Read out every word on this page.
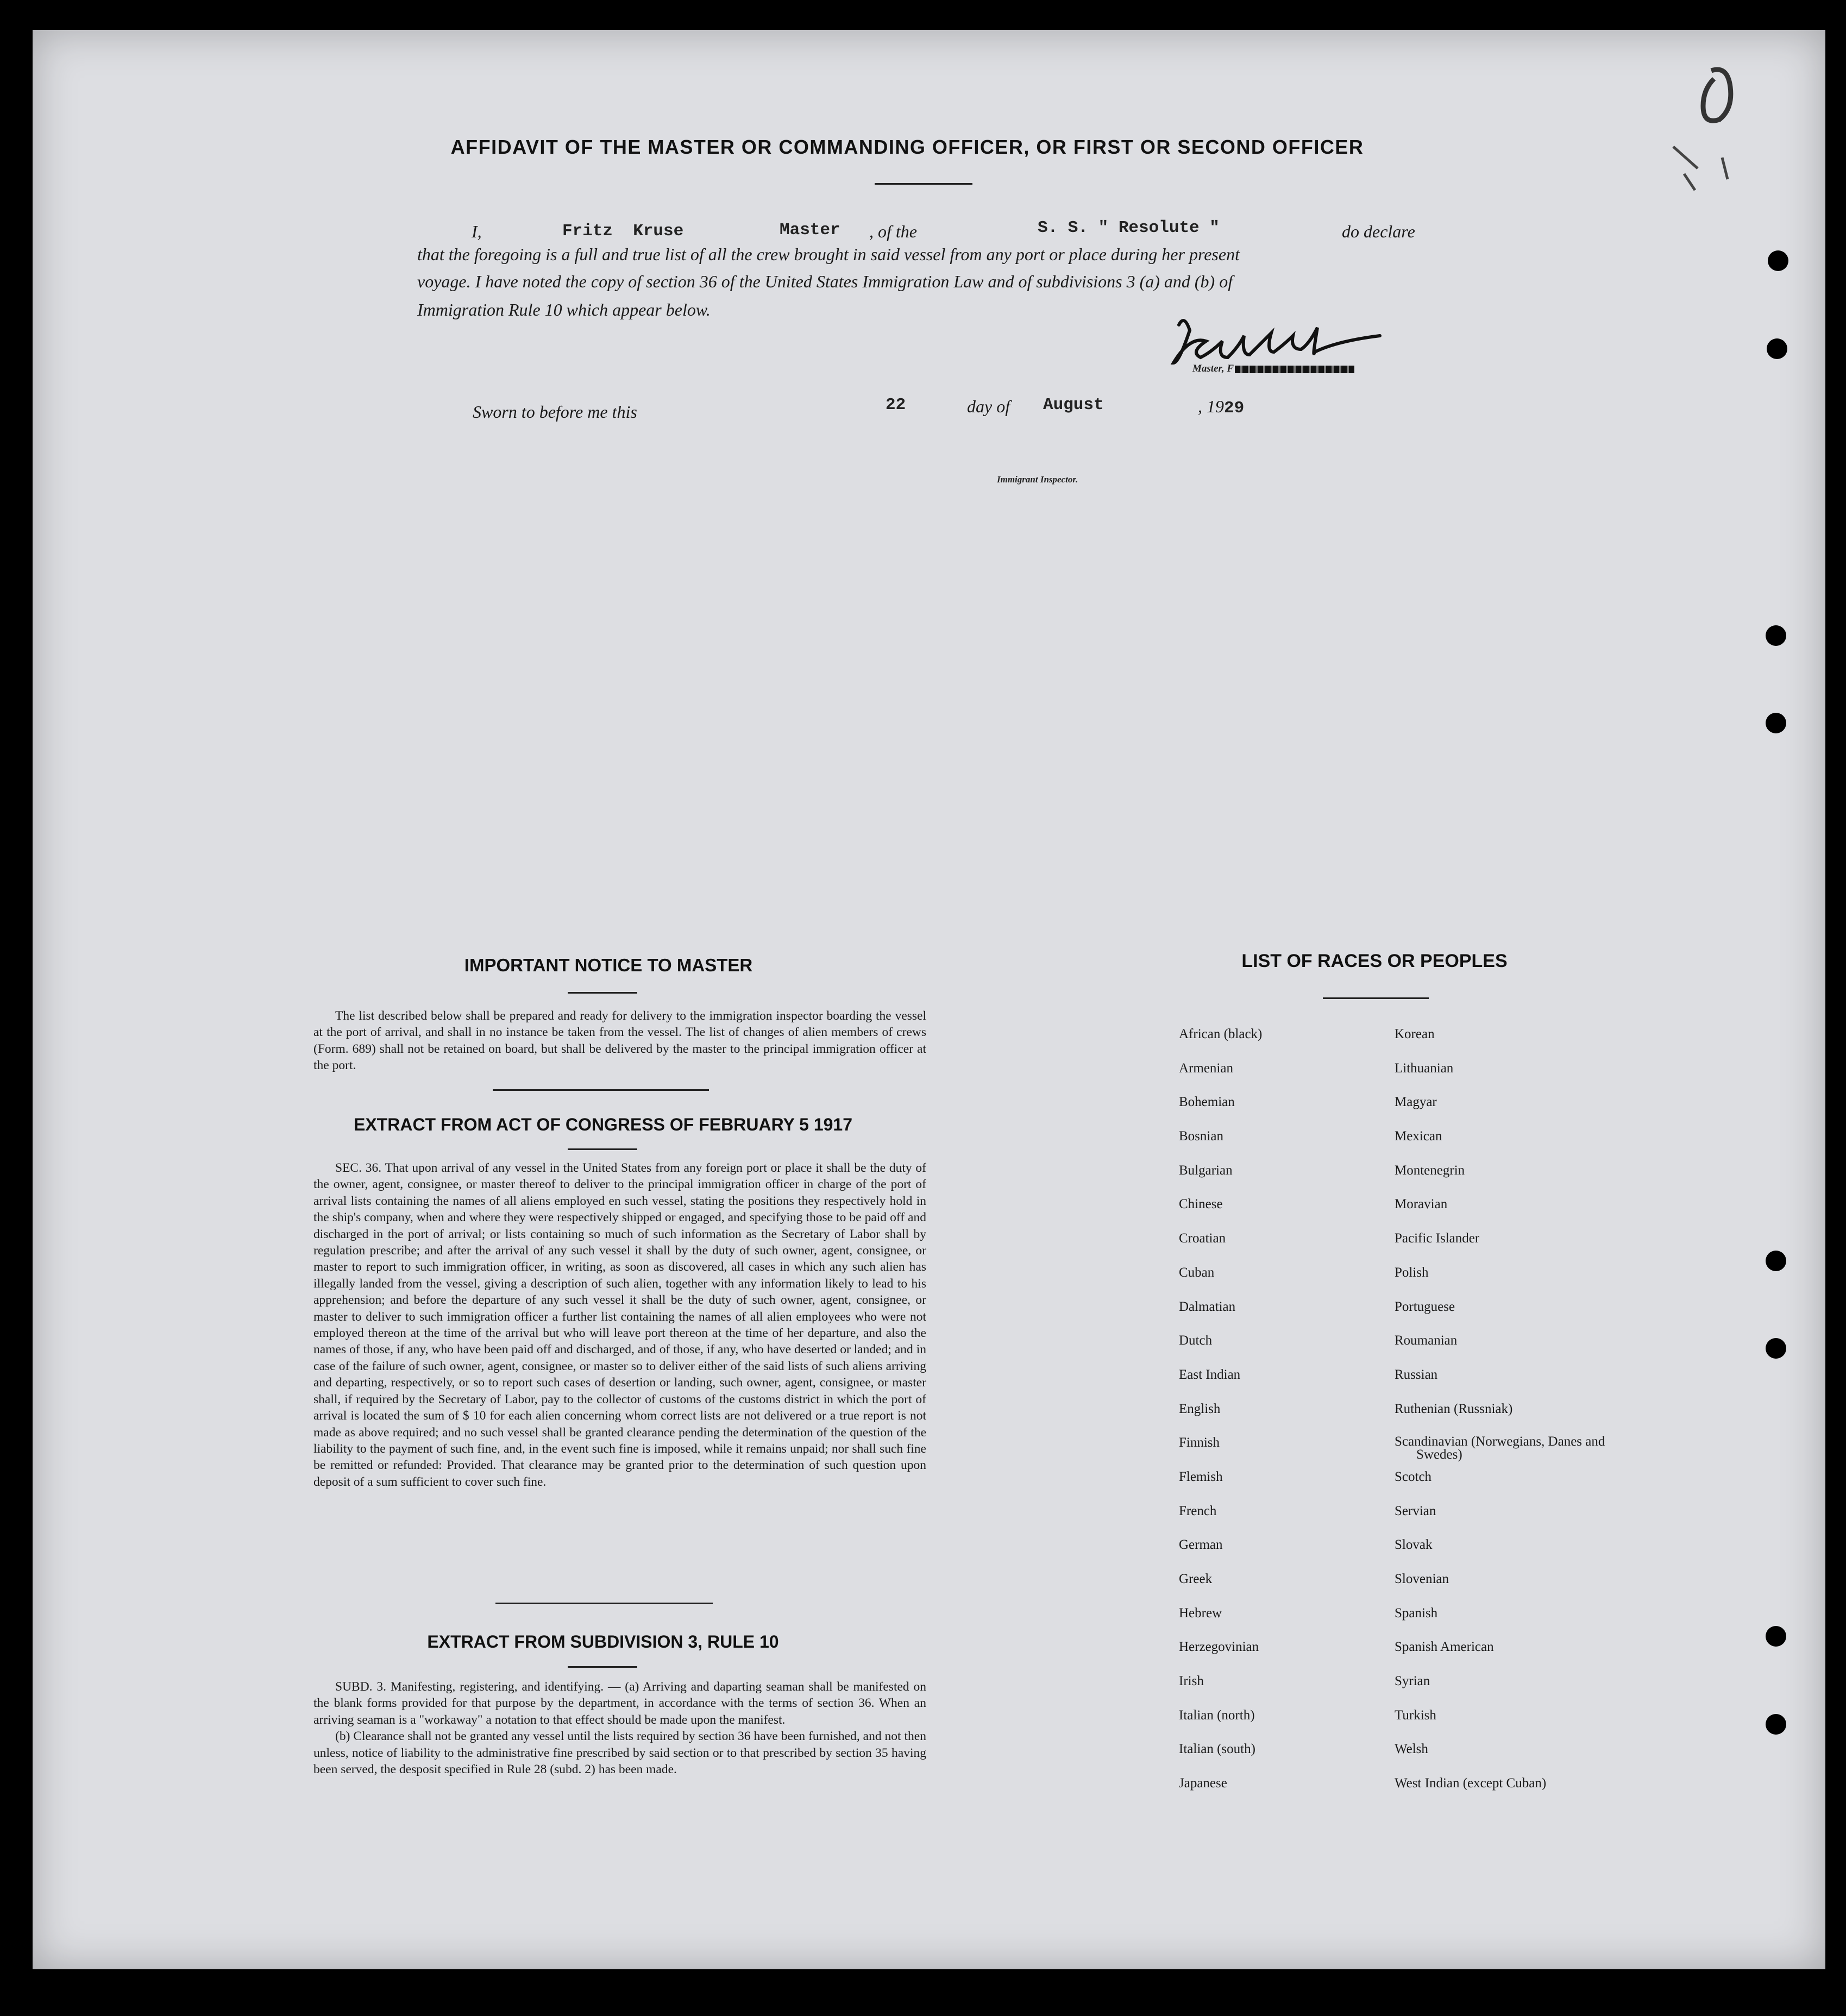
AFFIDAVIT OF THE MASTER OR COMMANDING OFFICER, OR FIRST OR SECOND OFFICER
I,	Fritz  Kruse	Master , of the	S. S. " Resolute "	do declare
that the foregoing is a full and true list of all the crew brought in said vessel from any port or place during her present
voyage. I have noted the copy of section 36 of the United States Immigration Law and of subdivisions 3 (a) and (b) of
Immigration Rule 10 which appear below.
Master, F
Sworn to before me this	22	day of August	, 1929
Immigrant Inspector.
IMPORTANT NOTICE TO MASTER

The list described below shall be prepared and ready for delivery to the immigration inspector boarding the vessel at the port of arrival, and shall in no instance be taken from the vessel. The list of changes of alien members of crews (Form. 689) shall not be retained on board, but shall be delivered by the master to the principal immigration officer at the port.

EXTRACT FROM ACT OF CONGRESS OF FEBRUARY 5 1917

SEC. 36. That upon arrival of any vessel in the United States from any foreign port or place it shall be the duty of the owner, agent, consignee, or master thereof to deliver to the principal immigration officer in charge of the port of arrival lists containing the names of all aliens employed en such vessel, stating the positions they respectively hold in the ship's company, when and where they were respectively shipped or engaged, and specifying those to be paid off and discharged in the port of arrival; or lists containing so much of such information as the Secretary of Labor shall by regulation prescribe; and after the arrival of any such vessel it shall by the duty of such owner, agent, consignee, or master to report to such immigration officer, in writing, as soon as discovered, all cases in which any such alien has illegally landed from the vessel, giving a description of such alien, together with any information likely to lead to his apprehension; and before the departure of any such vessel it shall be the duty of such owner, agent, consignee, or master to deliver to such immigration officer a further list containing the names of all alien employees who were not employed thereon at the time of the arrival but who will leave port thereon at the time of her departure, and also the names of those, if any, who have been paid off and discharged, and of those, if any, who have deserted or landed; and in case of the failure of such owner, agent, consignee, or master so to deliver either of the said lists of such aliens arriving and departing, respectively, or so to report such cases of desertion or landing, such owner, agent, consignee, or master shall, if required by the Secretary of Labor, pay to the collector of customs of the customs district in which the port of arrival is located the sum of $ 10 for each alien concerning whom correct lists are not delivered or a true report is not made as above required; and no such vessel shall be granted clearance pending the determination of the question of the liability to the payment of such fine, and, in the event such fine is imposed, while it remains unpaid; nor shall such fine be remitted or refunded: Provided. That clearance may be granted prior to the determination of such question upon deposit of a sum sufficient to cover such fine.

EXTRACT FROM SUBDIVISION 3, RULE 10

SUBD. 3. Manifesting, registering, and identifying. — (a) Arriving and daparting seaman shall be manifested on the blank forms provided for that purpose by the department, in accordance with the terms of section 36. When an arriving seaman is a "workaway" a notation to that effect should be made upon the manifest.

(b) Clearance shall not be granted any vessel until the lists required by section 36 have been furnished, and not then unless, notice of liability to the administrative fine prescribed by said section or to that prescribed by section 35 having been served, the desposit specified in Rule 28 (subd. 2) has been made.

LIST OF RACES OR PEOPLES
African (black)	Korean
Armenian	Lithuanian
Bohemian	Magyar
Bosnian	Mexican
Bulgarian	Montenegrin
Chinese	Moravian
Croatian	Pacific Islander
Cuban	Polish
Dalmatian	Portuguese
Dutch	Roumanian
East Indian	Russian
English	Ruthenian (Russniak)
Finnish	Scandinavian (Norwegians, Danes and Swedes)
Flemish	Scotch
French	Servian
German	Slovak
Greek	Slovenian
Hebrew	Spanish
Herzegovinian	Spanish American
Irish	Syrian
Italian (north)	Turkish
Italian (south)	Welsh
Japanese	West Indian (except Cuban)
